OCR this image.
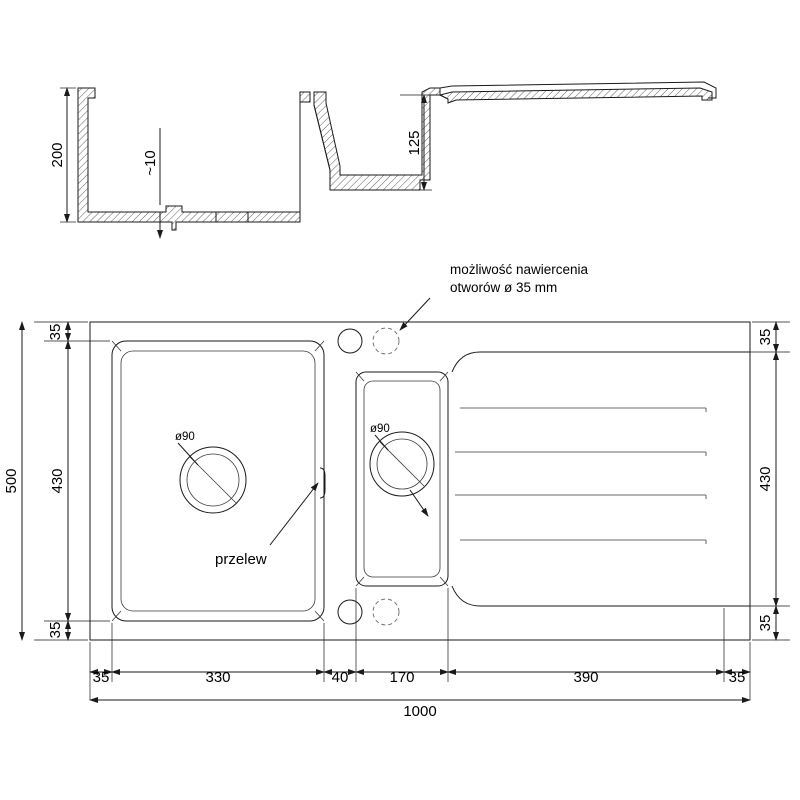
200	~10
125
możliwość nawiercenia
otworów ø 35 mm
ø90
przelew
ø90
35
430
35
500
35
430
35
35	330	40	170	390	35
1000
